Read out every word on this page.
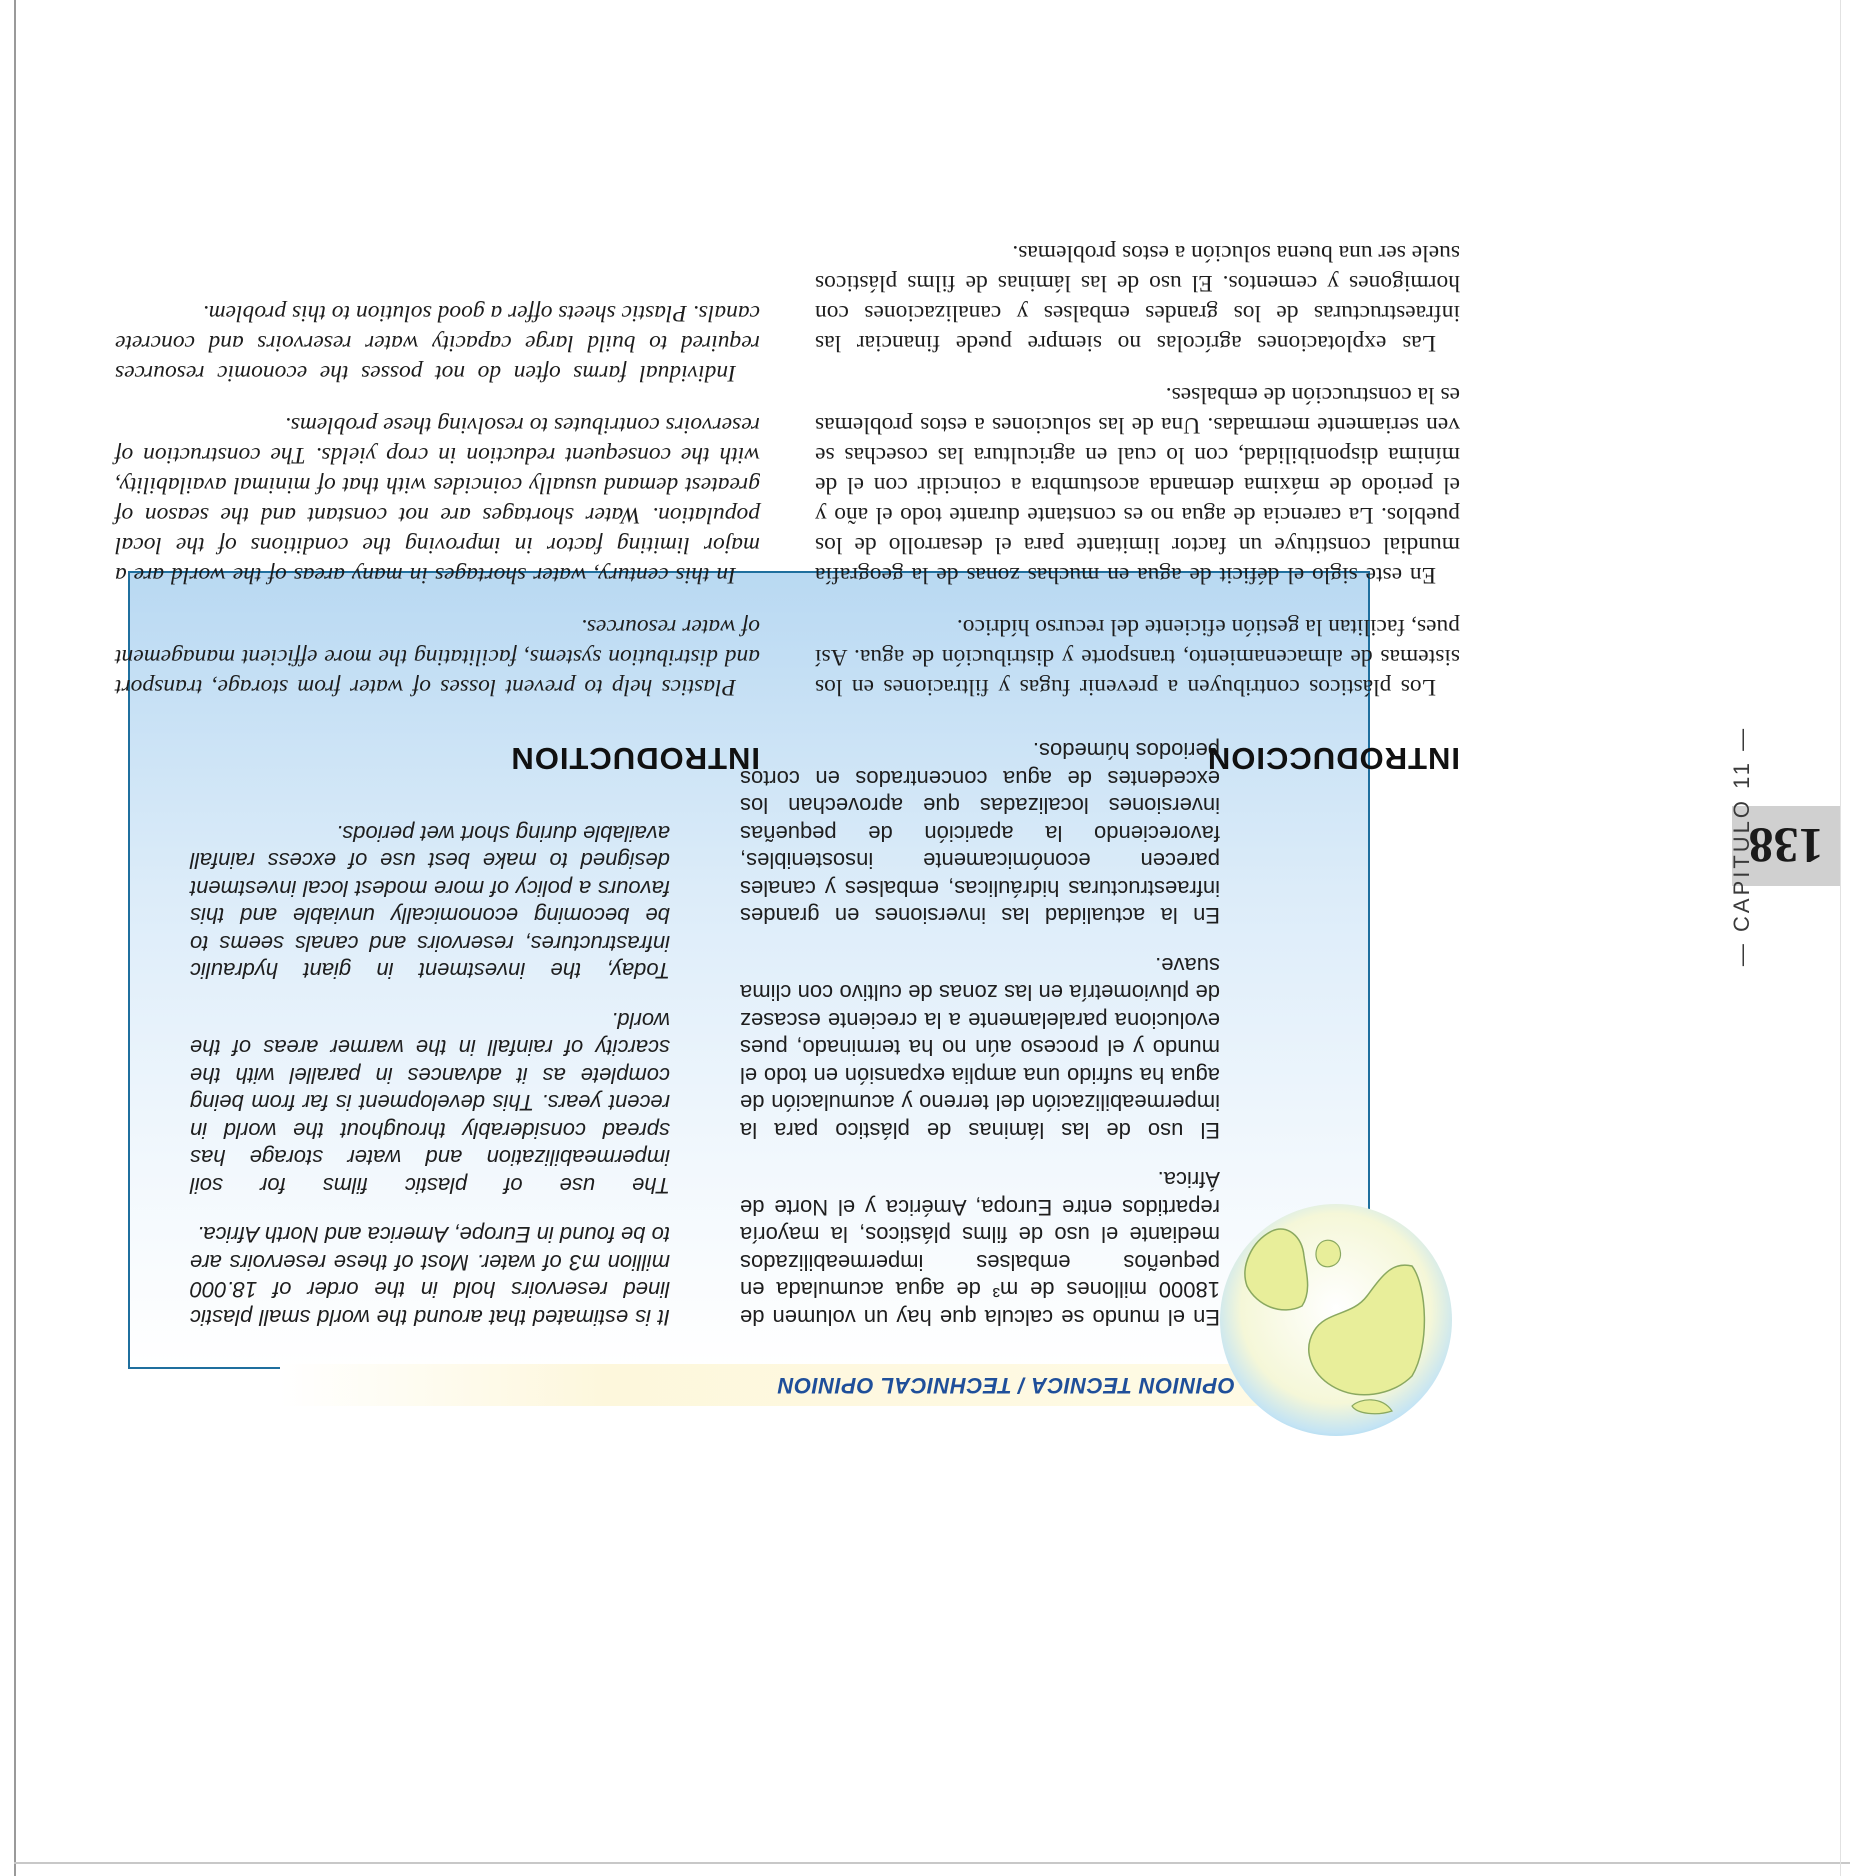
138
— CAPITULO 11 —
OPINION TECNICA / TECHNICAL OPINION

En el mundo se calcula que hay un volumen de 18000 millones de m³ de agua acumulada en pequeños embalses impermeabilizados mediante el uso de films plásticos, la mayoría repartidos entre Europa, América y el Norte de África.

El uso de las láminas de plástico para la impermeabilización del terreno y acumulación de agua ha sufrido una amplia expansión en todo el mundo y el proceso aún no ha terminado, pues evoluciona paralelamente a la creciente escasez de pluviometría en las zonas de cultivo con clima suave.

En la actualidad las inversiones en grandes infraestructuras hidráulicas, embalses y canales parecen económicamente insostenibles, favoreciendo la aparición de pequeñas inversiones localizadas que aprovechan los excedentes de agua concentrados en cortos periodos húmedos.

It is estimated that around the world small plastic lined reservoirs hold in the order of 18.000 million m3 of water. Most of these reservoirs are to be found in Europe, America and North Africa.

The use of plastic films for soil impermeabilization and water storage has spread considerably throughout the world in recent years. This development is far from being complete as it advances in parallel with the scarcity of rainfall in the warmer areas of the world.

Today, the investment in giant hydraulic infrastructures, reservoirs and canals seems to be becoming economically unviable and this favours a policy of more modest local investment designed to make best use of excess rainfall available during short wet periods.

INTRODUCCION

Los plásticos contribuyen a prevenir fugas y filtraciones en los sistemas de almacenamiento, transporte y distribución de agua. Así pues, facilitan la gestión eficiente del recurso hídrico.

En este siglo el déficit de agua en muchas zonas de la geografía mundial constituye un factor limitante para el desarrollo de los pueblos. La carencia de agua no es constante durante todo el año y el periodo de máxima demanda acostumbra a coincidir con el de mínima disponibilidad, con lo cual en agricultura las cosechas se ven seriamente mermadas. Una de las soluciones a estos problemas es la construcción de embalses.

Las explotaciones agrícolas no siempre puede financiar las infraestructuras de los grandes embalses y canalizaciones con hormigones y cementos. El uso de las láminas de films plásticos suele ser una buena solución a estos problemas.

INTRODUCTION

Plastics help to prevent losses of water from storage, transport and distribution systems, facilitating the more efficient management of water resources.

In this century, water shortages in many areas of the world are a major limiting factor in improving the conditions of the local population. Water shortages are not constant and the season of greatest demand usually coincides with that of minimal availability, with the consequent reduction in crop yields. The construction of reservoirs contributes to resolving these problems.

Individual farms often do not posses the economic resources required to build large capacity water reservoirs and concrete canals. Plastic sheets offer a good solution to this problem.
